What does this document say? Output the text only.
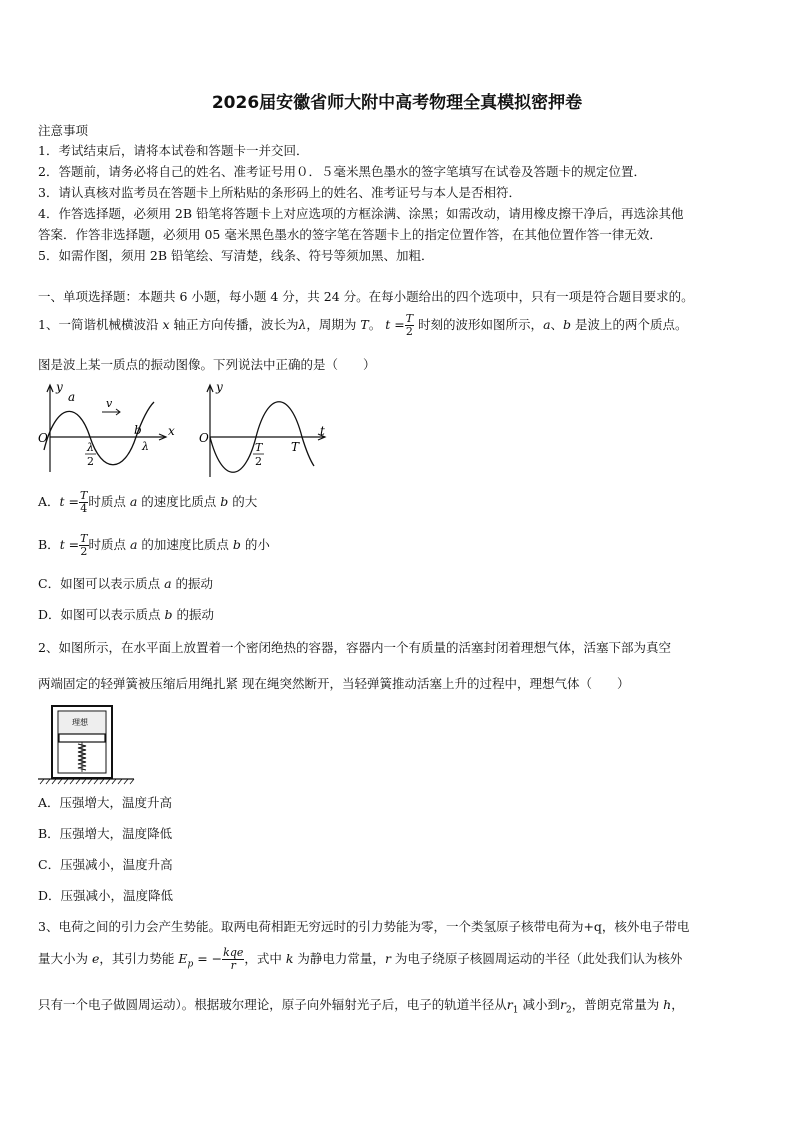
2026届安徽省师大附中高考物理全真模拟密押卷
注意事项
1．考试结束后，请将本试卷和答题卡一并交回．
2．答题前，请务必将自己的姓名、准考证号用０．５毫米黑色墨水的签字笔填写在试卷及答题卡的规定位置．
3．请认真核对监考员在答题卡上所粘贴的条形码上的姓名、准考证号与本人是否相符．
4．作答选择题，必须用 2B 铅笔将答题卡上对应选项的方框涂满、涂黑；如需改动，请用橡皮擦干净后，再选涂其他
答案．作答非选择题，必须用 05 毫米黑色墨水的签字笔在答题卡上的指定位置作答，在其他位置作答一律无效．
5．如需作图，须用 2B 铅笔绘、写清楚，线条、符号等须加黑、加粗．
一、单项选择题：本题共 6 小题，每小题 4 分，共 24 分。在每小题给出的四个选项中，只有一项是符合题目要求的。
1、一简谐机械横波沿 x 轴正方向传播，波长为λ，周期为 T。 $t = \frac{T}{2}$ 时刻的波形如图所示，a、b 是波上的两个质点。
图是波上某一质点的振动图像。下列说法中正确的是（　　）
y
x
O
a	v
b
λ
λ
2
y
t
O
T
2
T
A．$t = \frac{T}{4}$ 时质点 a 的速度比质点 b 的大
B．$t = \frac{T}{2}$ 时质点 a 的加速度比质点 b 的小
C．如图可以表示质点 a 的振动
D．如图可以表示质点 b 的振动
2、如图所示，在水平面上放置着一个密闭绝热的容器，容器内一个有质量的活塞封闭着理想气体，活塞下部为真空
两端固定的轻弹簧被压缩后用绳扎紧 现在绳突然断开，当轻弹簧推动活塞上升的过程中，理想气体（　　）
理想
A．压强增大，温度升高
B．压强增大，温度降低
C．压强减小，温度升高
D．压强减小，温度降低
3、电荷之间的引力会产生势能。取两电荷相距无穷远时的引力势能为零，一个类氢原子核带电荷为+q，核外电子带电
量大小为 e，其引力势能 $E_p$ = − $\frac{\text{kqe}}{r}$ ，式中 k 为静电力常量，r 为电子绕原子核圆周运动的半径（此处我们认为核外
只有一个电子做圆周运动）。根据玻尔理论，原子向外辐射光子后，电子的轨道半径从$r_1$ 减小到$r_2$，普朗克常量为 h，
